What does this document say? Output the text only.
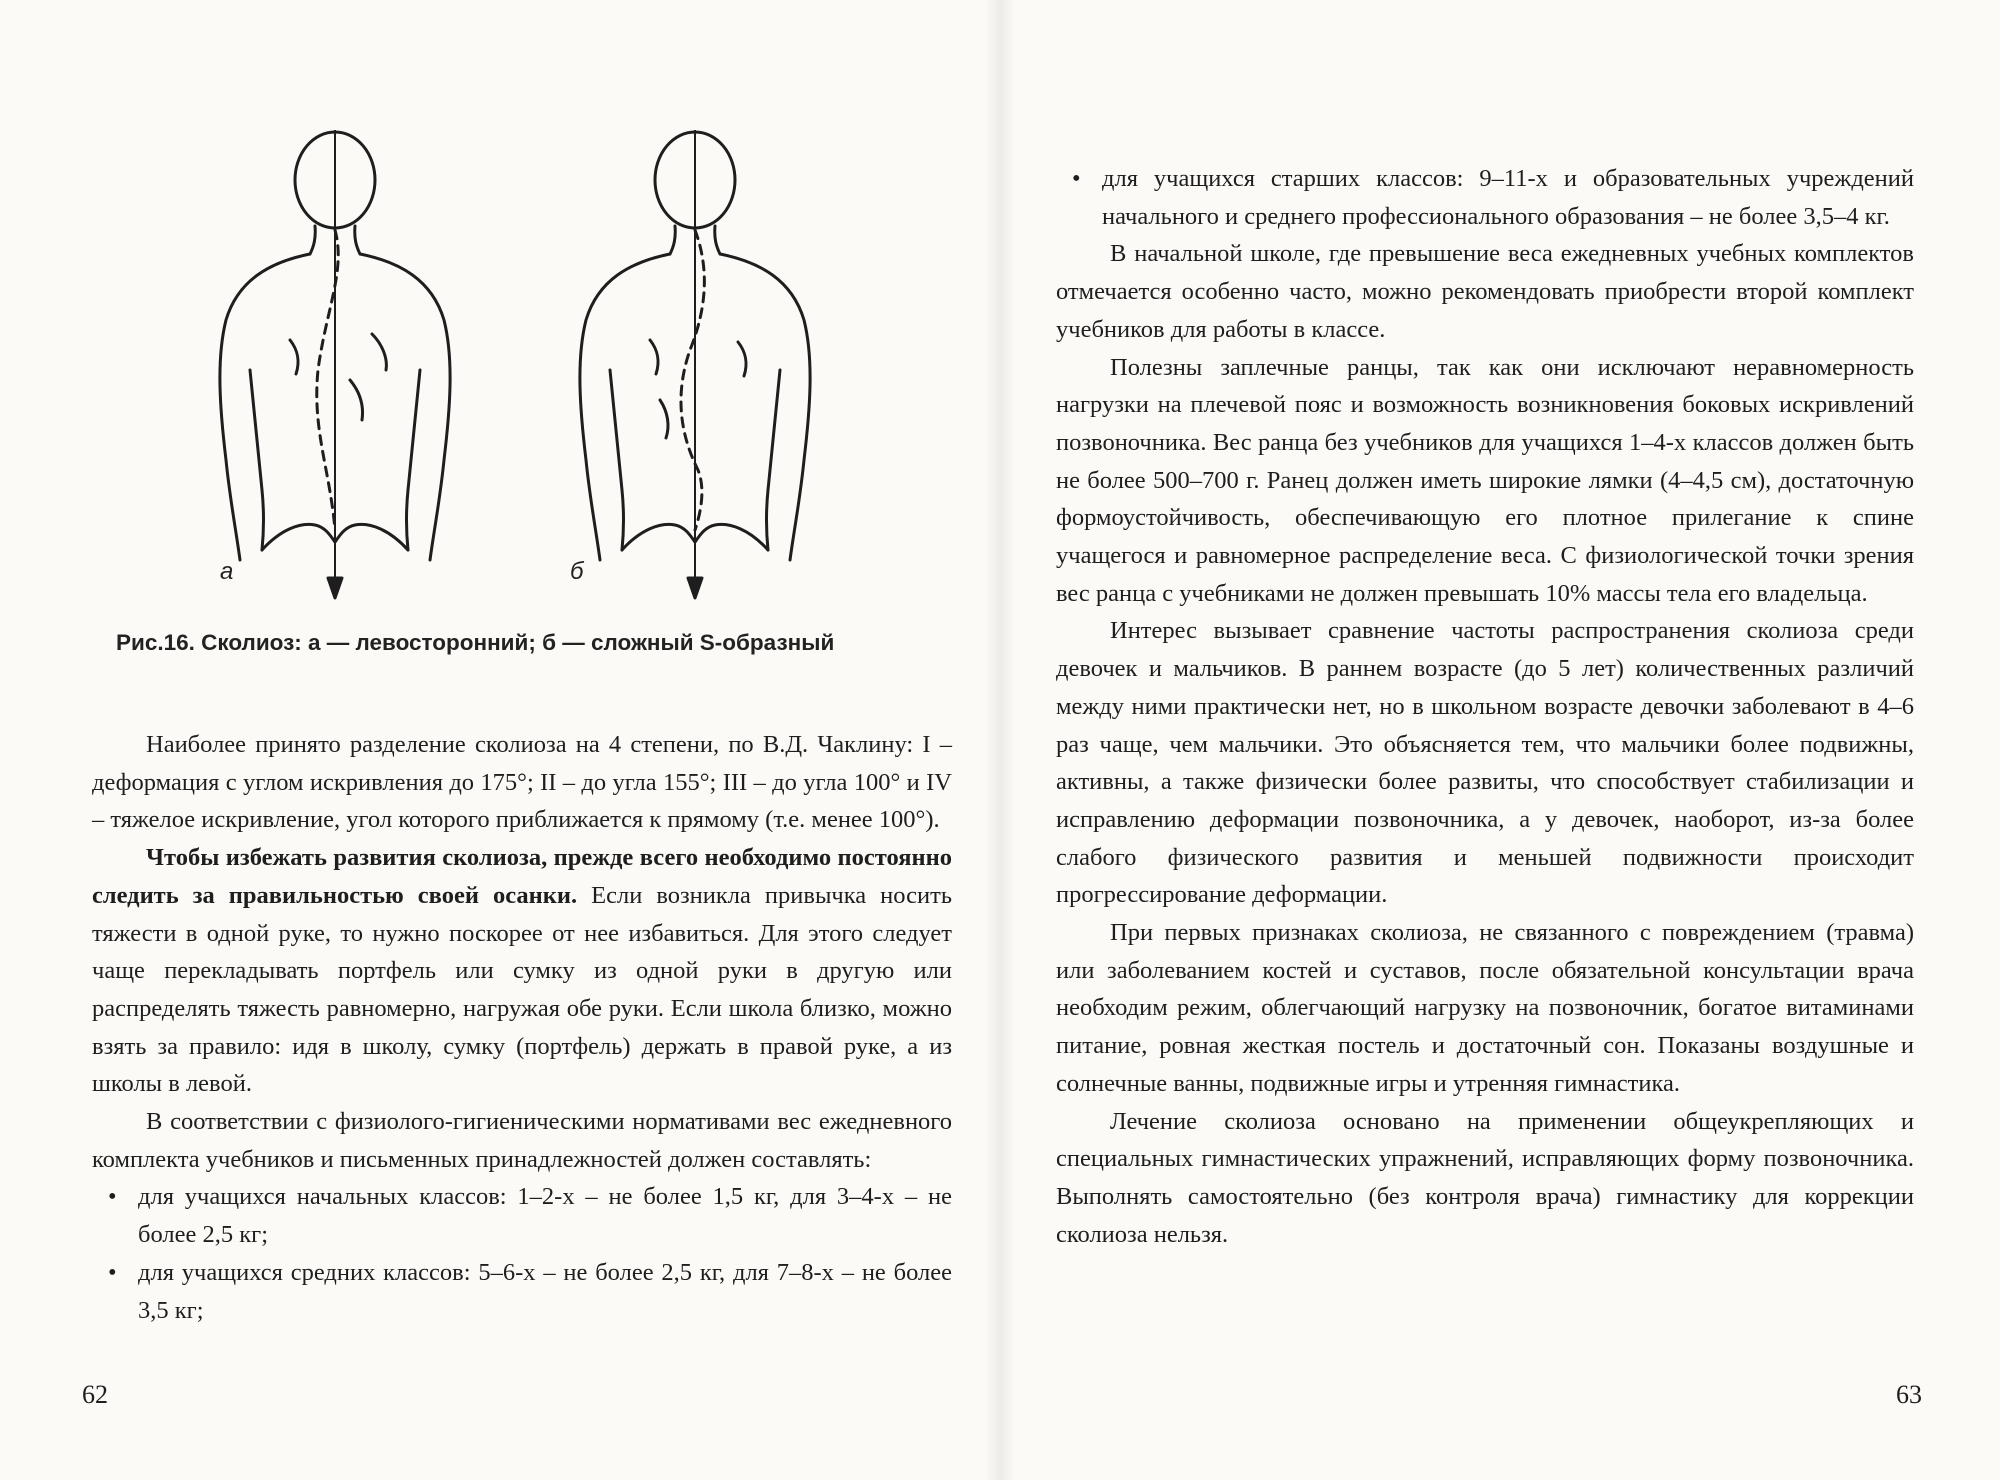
а	б
Рис.16. Сколиоз: а — левосторонний; б — сложный S-образный

Наиболее принято разделение сколиоза на 4 степени, по В.Д. Чаклину: I – деформация с углом искривления до 175°; II – до угла 155°; III – до угла 100° и IV – тяжелое искривление, угол которого приближается к прямому (т.е. менее 100°).

Чтобы избежать развития сколиоза, прежде всего необходимо постоянно следить за правильностью своей осанки. Если возникла привычка носить тяжести в одной руке, то нужно поскорее от нее избавиться. Для этого следует чаще перекладывать портфель или сумку из одной руки в другую или распределять тяжесть равномерно, нагружая обе руки. Если школа близко, можно взять за правило: идя в школу, сумку (портфель) держать в правой руке, а из школы в левой.

В соответствии с физиолого-гигиеническими нормативами вес ежедневного комплекта учебников и письменных принадлежностей должен составлять:

• для учащихся начальных классов: 1–2-х – не более 1,5 кг, для 3–4-х – не более 2,5 кг;
• для учащихся средних классов: 5–6-х – не более 2,5 кг, для 7–8-х – не более 3,5 кг;
62
• для учащихся старших классов: 9–11-х и образовательных учреждений начального и среднего профессионального образования – не более 3,5–4 кг.

В начальной школе, где превышение веса ежедневных учебных комплектов отмечается особенно часто, можно рекомендовать приобрести второй комплект учебников для работы в классе.

Полезны заплечные ранцы, так как они исключают неравномерность нагрузки на плечевой пояс и возможность возникновения боковых искривлений позвоночника. Вес ранца без учебников для учащихся 1–4-х классов должен быть не более 500–700 г. Ранец должен иметь широкие лямки (4–4,5 см), достаточную формоустойчивость, обеспечивающую его плотное прилегание к спине учащегося и равномерное распределение веса. С физиологической точки зрения вес ранца с учебниками не должен превышать 10% массы тела его владельца.

Интерес вызывает сравнение частоты распространения сколиоза среди девочек и мальчиков. В раннем возрасте (до 5 лет) количественных различий между ними практически нет, но в школьном возрасте девочки заболевают в 4–6 раз чаще, чем мальчики. Это объясняется тем, что мальчики более подвижны, активны, а также физически более развиты, что способствует стабилизации и исправлению деформации позвоночника, а у девочек, наоборот, из-за более слабого физического развития и меньшей подвижности происходит прогрессирование деформации.

При первых признаках сколиоза, не связанного с повреждением (травма) или заболеванием костей и суставов, после обязательной консультации врача необходим режим, облегчающий нагрузку на позвоночник, богатое витаминами питание, ровная жесткая постель и достаточный сон. Показаны воздушные и солнечные ванны, подвижные игры и утренняя гимнастика.

Лечение сколиоза основано на применении общеукрепляющих и специальных гимнастических упражнений, исправляющих форму позвоночника. Выполнять самостоятельно (без контроля врача) гимнастику для коррекции сколиоза нельзя.

63
